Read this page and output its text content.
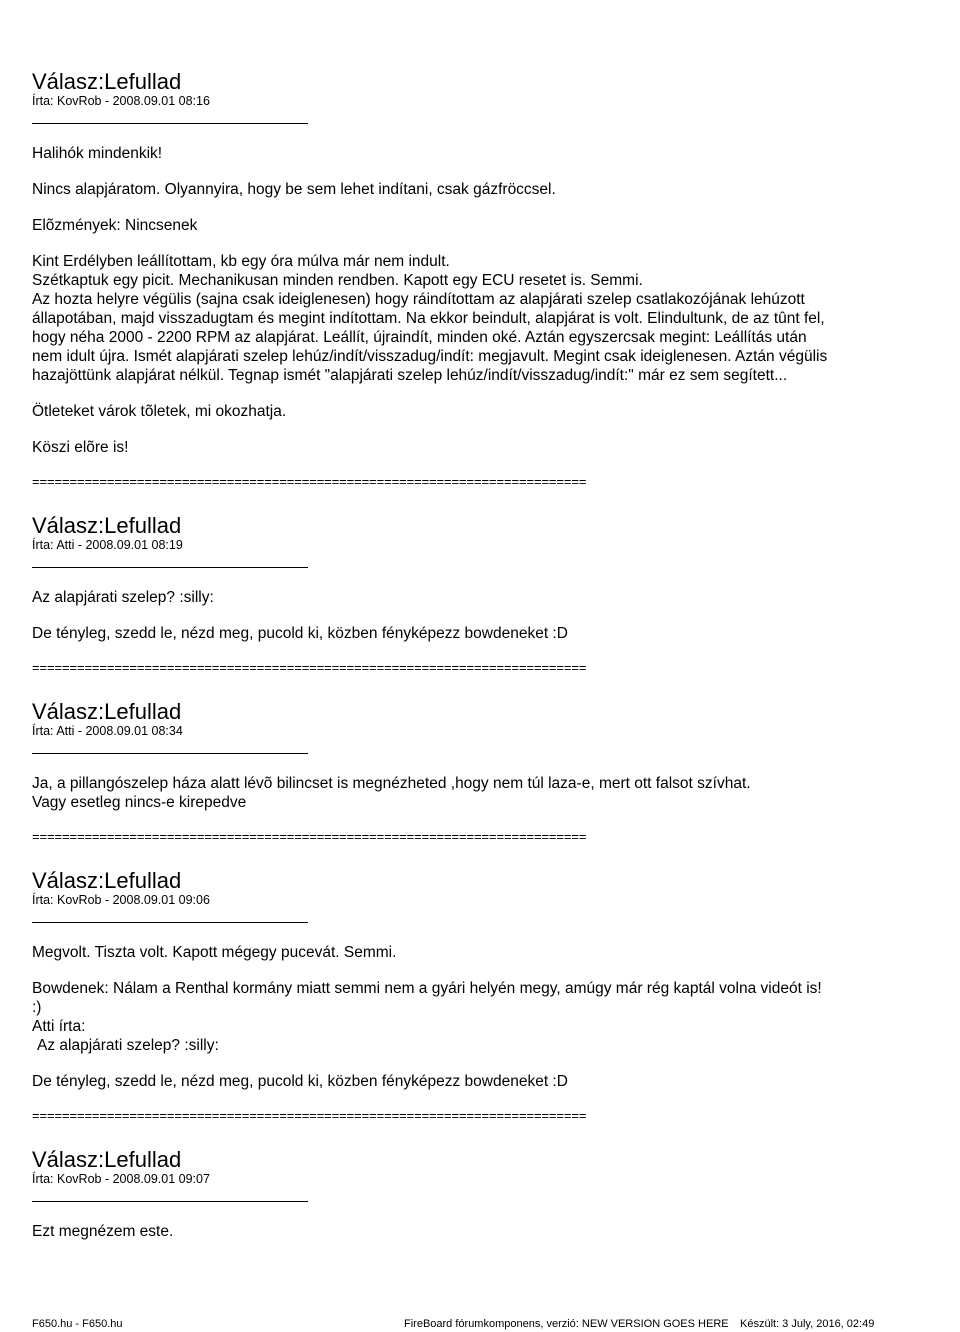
Válasz:Lefullad

Írta: KovRob - 2008.09.01 08:16

Halihók mindenkik!

Nincs alapjáratom. Olyannyira, hogy be sem lehet indítani, csak gázfröccsel.

Elõzmények: Nincsenek

Kint Erdélyben leállítottam, kb egy óra múlva már nem indult.
Szétkaptuk egy picit. Mechanikusan minden rendben. Kapott egy ECU resetet is. Semmi.
Az hozta helyre végülis (sajna csak ideiglenesen) hogy ráindítottam az alapjárati szelep csatlakozójának lehúzott
állapotában, majd visszadugtam és megint indítottam. Na ekkor beindult, alapjárat is volt. Elindultunk, de az tûnt fel,
hogy néha 2000 - 2200 RPM az alapjárat. Leállít, újraindít, minden oké. Aztán egyszercsak megint: Leállítás után
nem idult újra. Ismét alapjárati szelep lehúz/indít/visszadug/indít: megjavult. Megint csak ideiglenesen. Aztán végülis
hazajöttünk alapjárat nélkül. Tegnap ismét "alapjárati szelep lehúz/indít/visszadug/indít:" már ez sem segített...

Ötleteket várok tõletek, mi okozhatja.

Köszi elõre is!

==========================================================================

Válasz:Lefullad

Írta: Atti - 2008.09.01 08:19

Az alapjárati szelep? :silly:

De tényleg, szedd le, nézd meg, pucold ki, közben fényképezz bowdeneket :D

==========================================================================

Válasz:Lefullad

Írta: Atti - 2008.09.01 08:34

Ja, a pillangószelep háza alatt lévõ bilincset is megnézheted ,hogy nem túl laza-e, mert ott falsot szívhat.
Vagy esetleg nincs-e kirepedve

==========================================================================

Válasz:Lefullad

Írta: KovRob - 2008.09.01 09:06

Megvolt. Tiszta volt. Kapott mégegy pucevát. Semmi.

Bowdenek: Nálam a Renthal kormány miatt semmi nem a gyári helyén megy, amúgy már rég kaptál volna videót is!
:)

Atti írta:
Az alapjárati szelep? :silly:

De tényleg, szedd le, nézd meg, pucold ki, közben fényképezz bowdeneket :D

==========================================================================

Válasz:Lefullad

Írta: KovRob - 2008.09.01 09:07

Ezt megnézem este.

F650.hu - F650.hu	FireBoard fórumkomponens, verzió: NEW VERSION GOES HERE Készült: 3 July, 2016, 02:49
